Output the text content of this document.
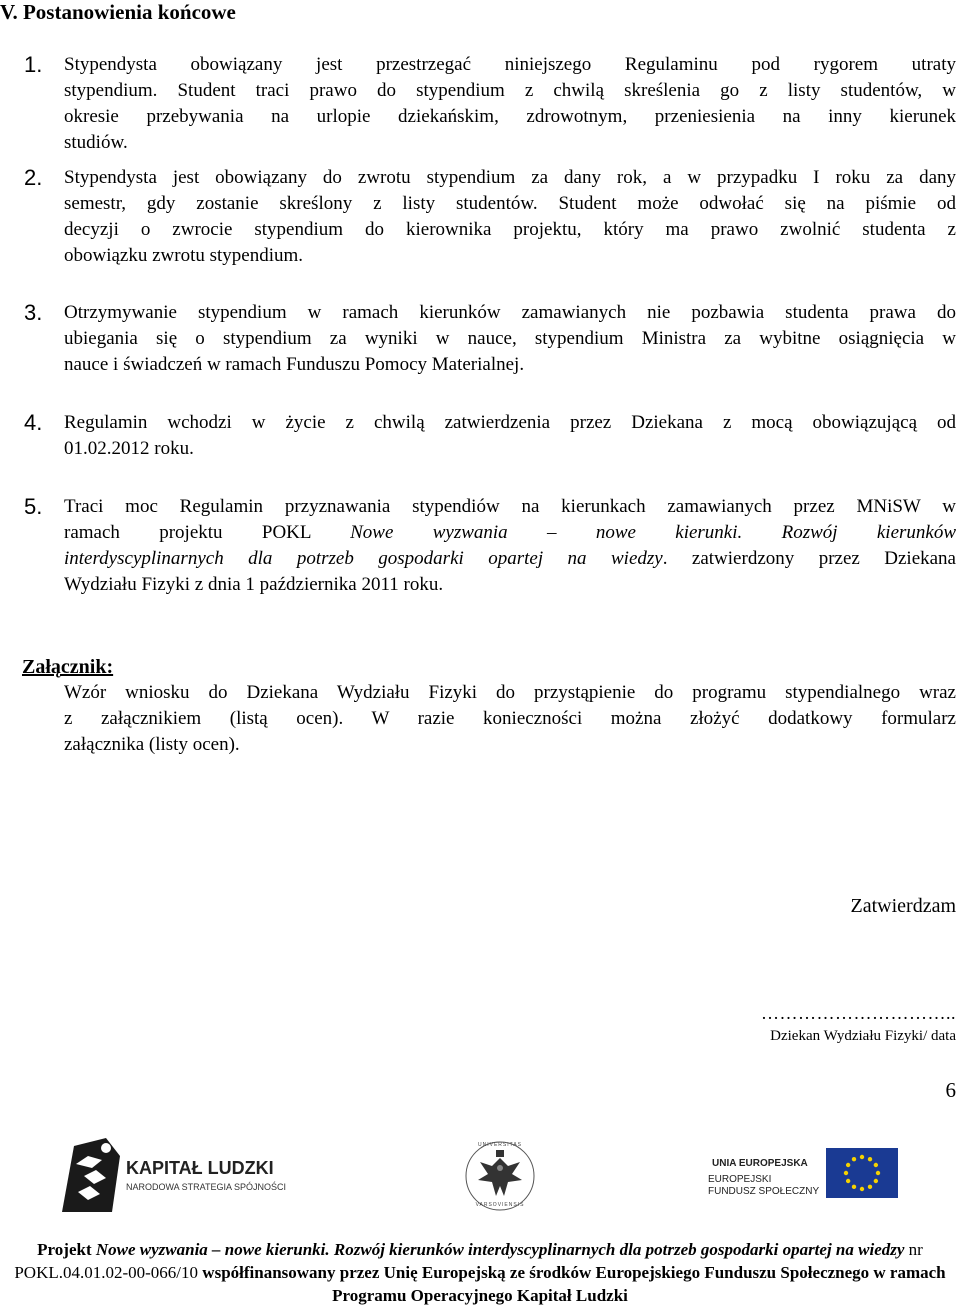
V. Postanowienia końcowe
1. Stypendysta obowiązany jest przestrzegać niniejszego Regulaminu pod rygorem utraty
stypendium. Student traci prawo do stypendium z chwilą skreślenia go z listy studentów, w
okresie przebywania na urlopie dziekańskim, zdrowotnym, przeniesienia na inny kierunek
studiów.
2. Stypendysta jest obowiązany do zwrotu stypendium za dany rok, a w przypadku I roku za dany
semestr, gdy zostanie skreślony z listy studentów. Student może odwołać się na piśmie od
decyzji o zwrocie stypendium do kierownika projektu, który ma prawo zwolnić studenta z
obowiązku zwrotu stypendium.
3. Otrzymywanie stypendium w ramach kierunków zamawianych nie pozbawia studenta prawa do
ubiegania się o stypendium za wyniki w nauce, stypendium Ministra za wybitne osiągnięcia w
nauce i świadczeń w ramach Funduszu Pomocy Materialnej.
4. Regulamin wchodzi w życie z chwilą zatwierdzenia przez Dziekana z mocą obowiązującą od
01.02.2012 roku.
5. Traci moc Regulamin przyznawania stypendiów na kierunkach zamawianych przez MNiSW w
ramach projektu POKL Nowe wyzwania – nowe kierunki. Rozwój kierunków
interdyscyplinarnych dla potrzeb gospodarki opartej na wiedzy. zatwierdzony przez Dziekana
Wydziału Fizyki z dnia 1 października 2011 roku.
Załącznik:
Wzór wniosku do Dziekana Wydziału Fizyki do przystąpienie do programu stypendialnego wraz
z załącznikiem (listą ocen). W razie konieczności można złożyć dodatkowy formularz
załącznika (listy ocen).
Zatwierdzam
…………………………..
Dziekan Wydziału Fizyki/ data
6
KAPITAŁ LUDZKI
NARODOWA STRATEGIA SPÓJNOŚCI
UNIVERSITAS
VARSOVIENSIS
UNIA EUROPEJSKA
EUROPEJSKI
FUNDUSZ SPOŁECZNY
Projekt Nowe wyzwania – nowe kierunki. Rozwój kierunków interdyscyplinarnych dla potrzeb gospodarki opartej na wiedzy nr POKL.04.01.02-00-066/10 współfinansowany przez Unię Europejską ze środków Europejskiego Funduszu Społecznego w ramach Programu Operacyjnego Kapitał Ludzki
